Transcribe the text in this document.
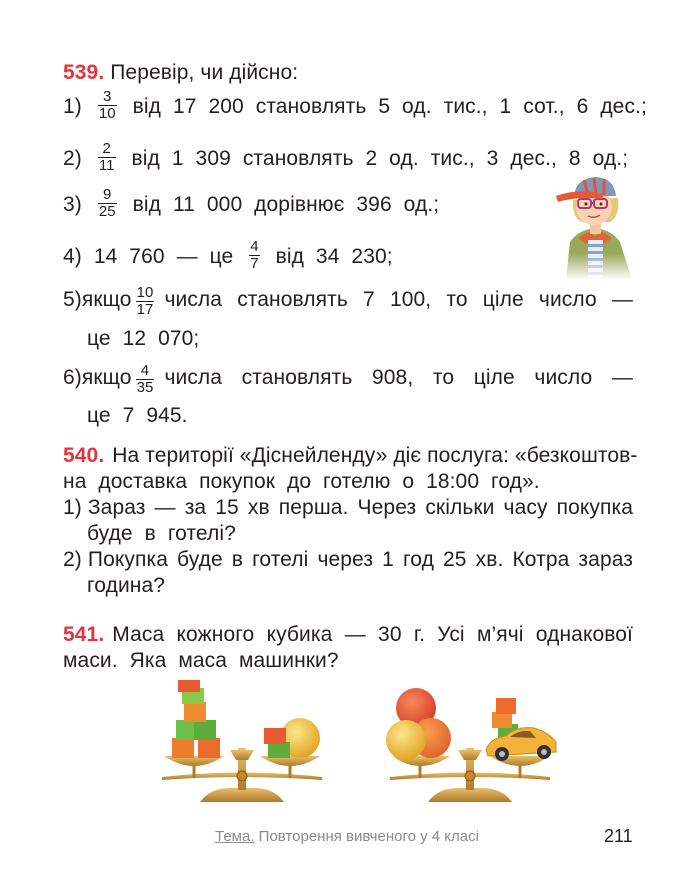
539. Перевір, чи дійсно:
$1) \frac{3}{10}$ від 17 200 становлять 5 од. тис., 1 сот., 6 дес.;
$2) \frac{2}{11}$ від 1 309 становлять 2 од. тис., 3 дес., 8 од.;
$3) \frac{9}{25}$ від 11 000 дорівнює 396 од.;
4) 14 760 — це $\frac{4}{7}$ від 34 230;
5) якщо $\frac{10}{17}$ числа становлять 7 100, то ціле число —
це 12 070;
6) якщо $\frac{4}{35}$ числа становлять 908, то ціле число —
це 7 945.
540. На території «Діснейленду» діє послуга: «безкоштов-
на доставка покупок до готелю о 18:00 год».
1) Зараз — за 15 хв перша. Через скільки часу покупка
буде в готелі?
2) Покупка буде в готелі через 1 год 25 хв. Котра зараз
година?
541. Маса кожного кубика — 30 г. Усі м’ячі однакової
маси. Яка маса машинки?
Тема. Повторення вивченого у 4 класі	211
